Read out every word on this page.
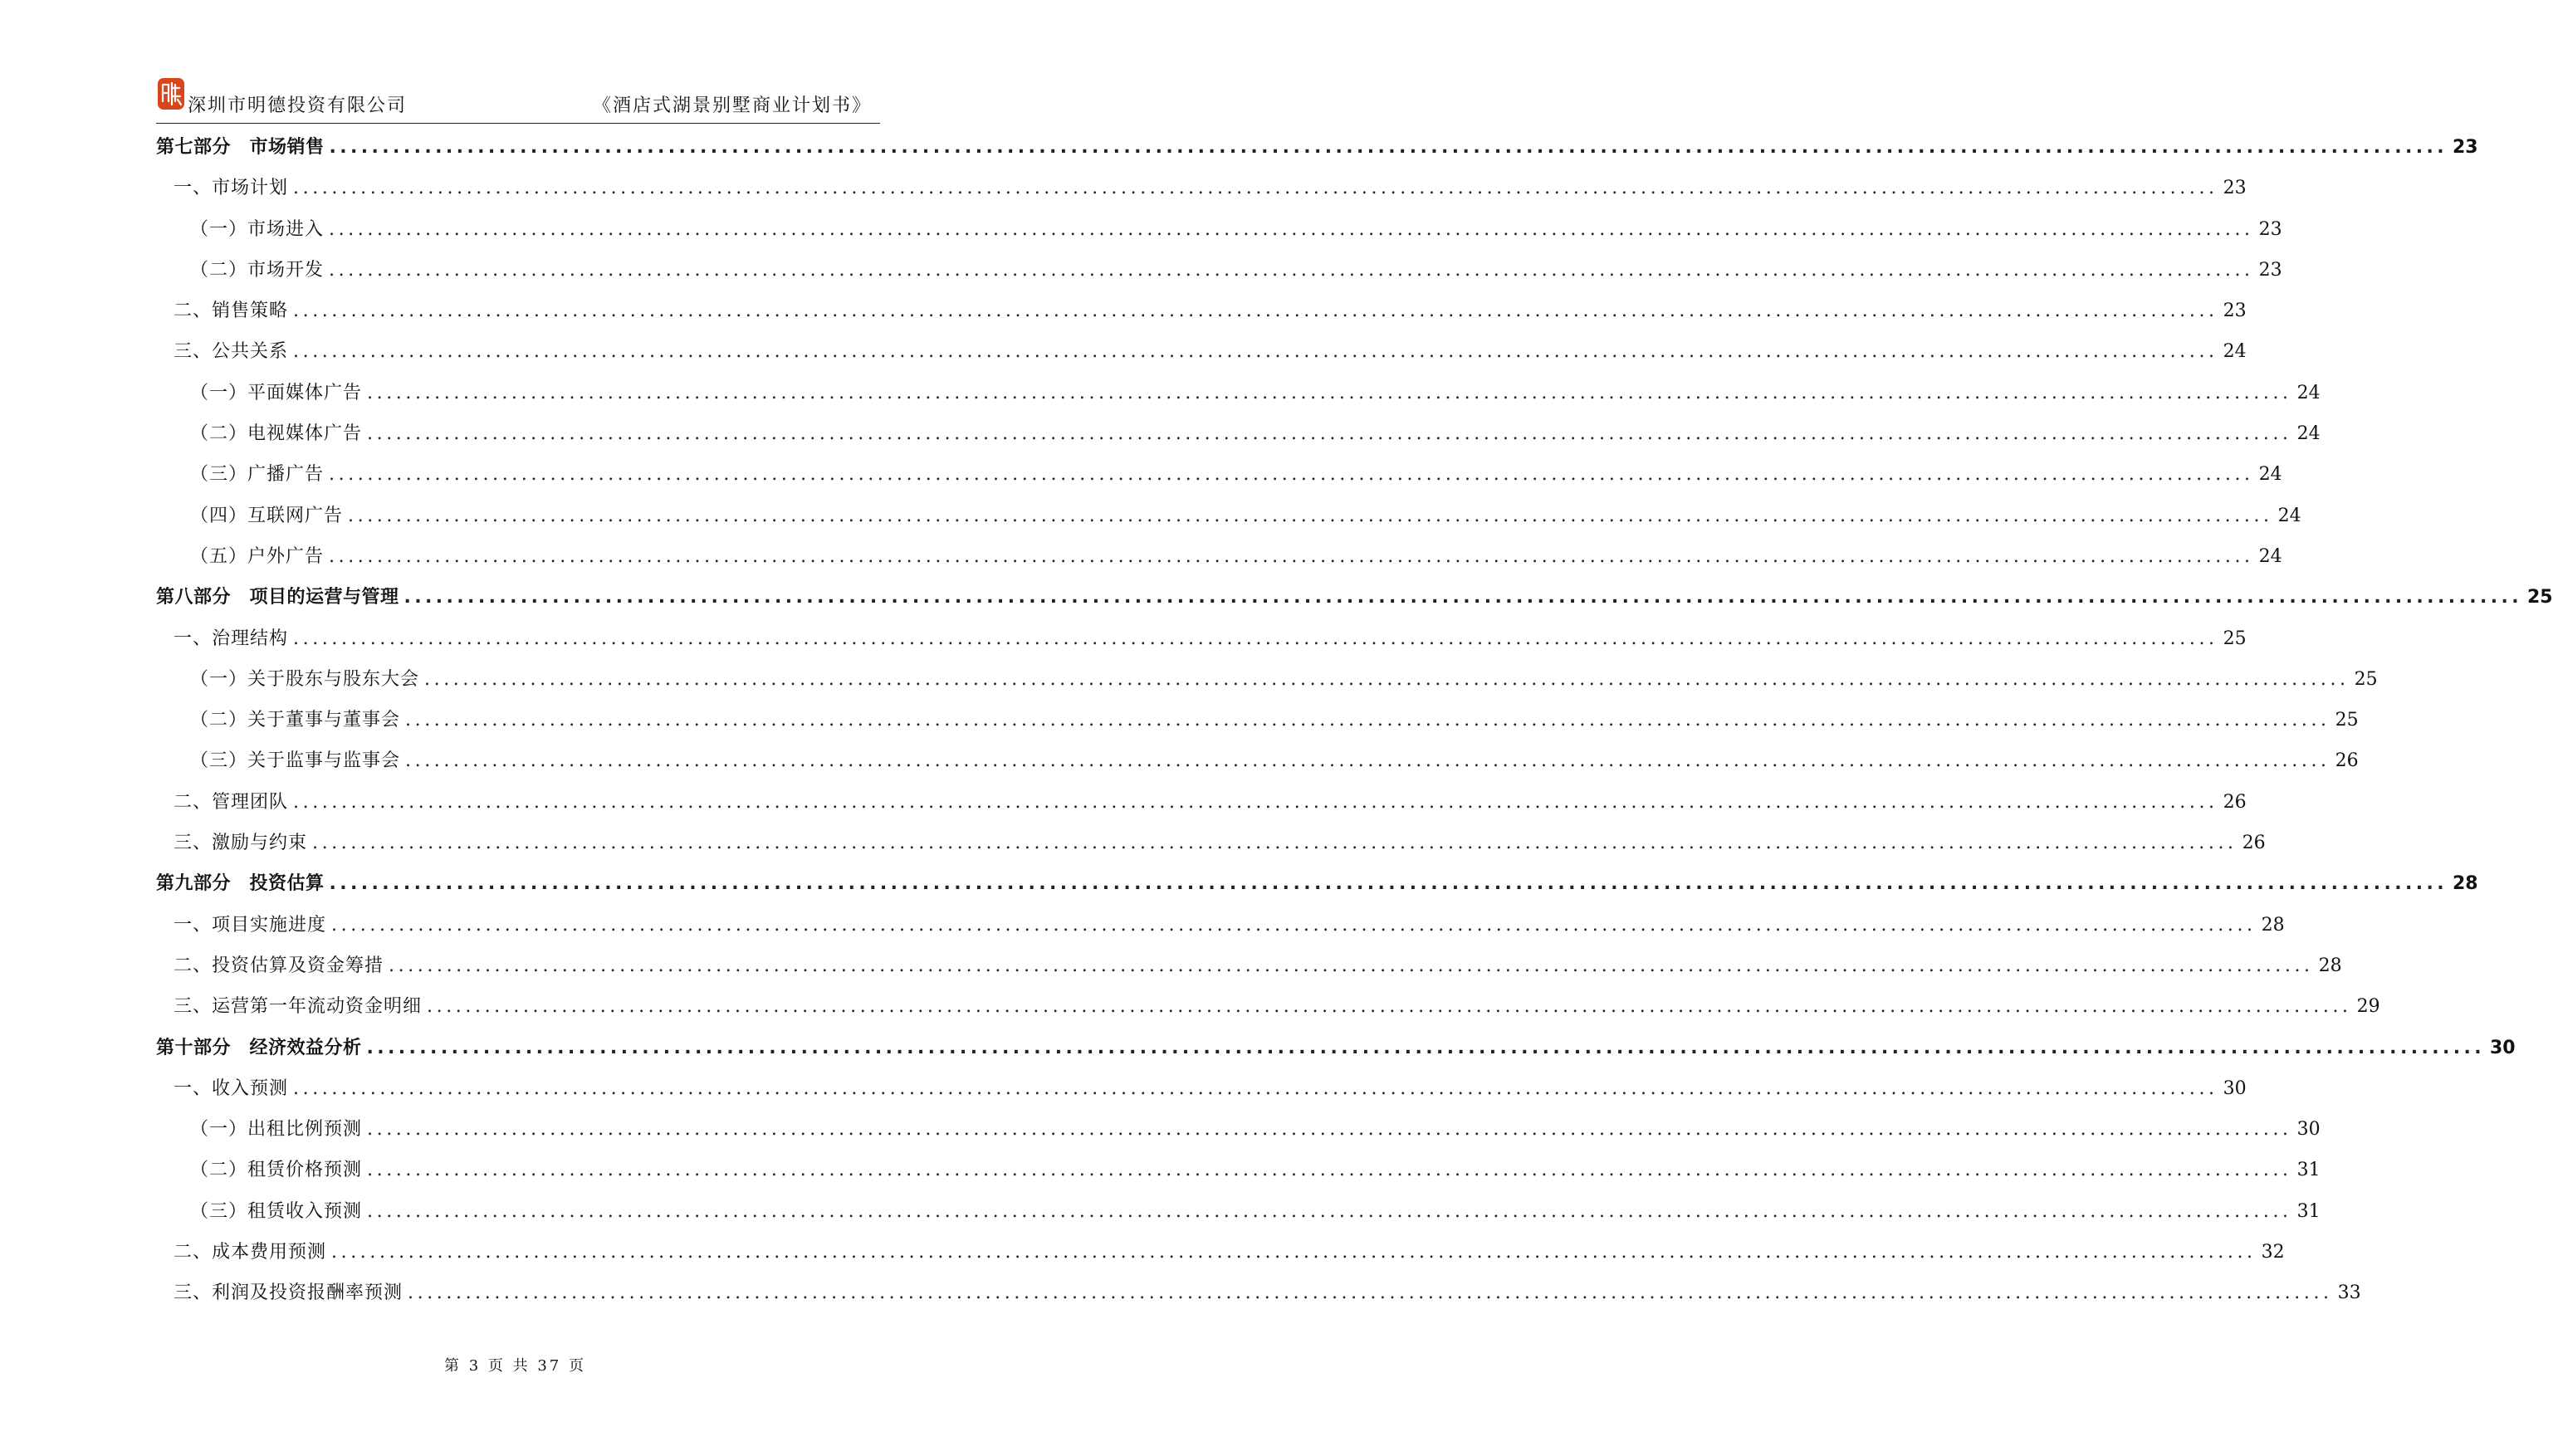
深圳市明德投资有限公司	《酒店式湖景别墅商业计划书》
第七部分　市场销售 ........................................................................................................................................................................................................ 23
一、市场计划 ........................................................................................................................................................................................................ 23
（一）市场进入 ........................................................................................................................................................................................................ 23
（二）市场开发 ........................................................................................................................................................................................................ 23
二、销售策略 ........................................................................................................................................................................................................ 23
三、公共关系 ........................................................................................................................................................................................................ 24
（一）平面媒体广告 ........................................................................................................................................................................................................ 24
（二）电视媒体广告 ........................................................................................................................................................................................................ 24
（三）广播广告 ........................................................................................................................................................................................................ 24
（四）互联网广告 ........................................................................................................................................................................................................ 24
（五）户外广告 ........................................................................................................................................................................................................ 24
第八部分　项目的运营与管理 ........................................................................................................................................................................................................ 25
一、治理结构 ........................................................................................................................................................................................................ 25
（一）关于股东与股东大会 ........................................................................................................................................................................................................ 25
（二）关于董事与董事会 ........................................................................................................................................................................................................ 25
（三）关于监事与监事会 ........................................................................................................................................................................................................ 26
二、管理团队 ........................................................................................................................................................................................................ 26
三、激励与约束 ........................................................................................................................................................................................................ 26
第九部分　投资估算 ........................................................................................................................................................................................................ 28
一、项目实施进度 ........................................................................................................................................................................................................ 28
二、投资估算及资金筹措 ........................................................................................................................................................................................................ 28
三、运营第一年流动资金明细 ........................................................................................................................................................................................................ 29
第十部分　经济效益分析 ........................................................................................................................................................................................................ 30
一、收入预测 ........................................................................................................................................................................................................ 30
（一）出租比例预测 ........................................................................................................................................................................................................ 30
（二）租赁价格预测 ........................................................................................................................................................................................................ 31
（三）租赁收入预测 ........................................................................................................................................................................................................ 31
二、成本费用预测 ........................................................................................................................................................................................................ 32
三、利润及投资报酬率预测 ........................................................................................................................................................................................................ 33
第 3 页 共 37 页
